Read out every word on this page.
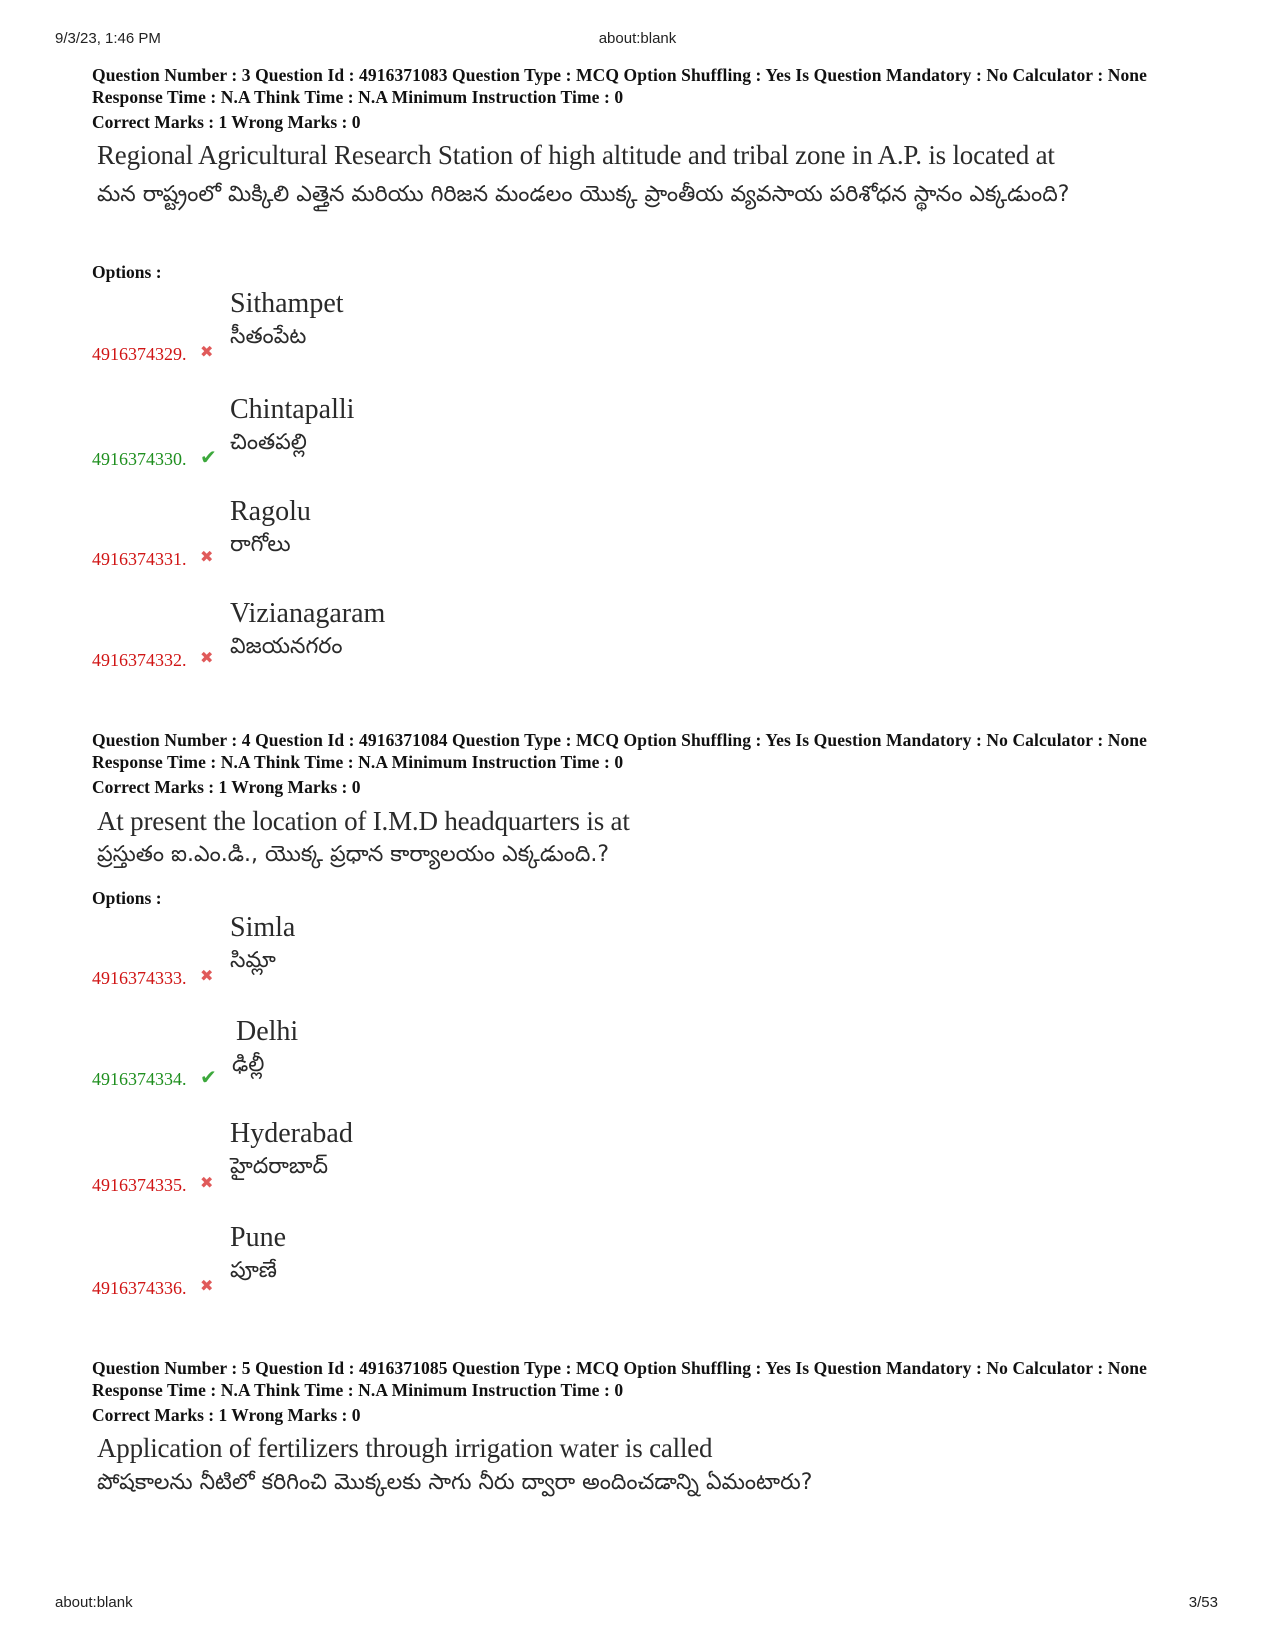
9/3/23, 1:46 PM	about:blank
Question Number : 3 Question Id : 4916371083 Question Type : MCQ Option Shuffling : Yes Is Question Mandatory : No Calculator : None Response Time : N.A Think Time : N.A Minimum Instruction Time : 0
Correct Marks : 1 Wrong Marks : 0
Regional Agricultural Research Station of high altitude and tribal zone in A.P. is located at
మన రాష్ట్రంలో మిక్కిలి ఎత్తైన మరియు గిరిజన మండలం యొక్క ప్రాంతీయ వ్యవసాయ పరిశోధన స్థానం ఎక్కడుంది?
Options :
Sithampet
సీతంపేట
4916374329. ✖
Chintapalli
చింతపల్లి
4916374330. ✔
Ragolu
రాగోలు
4916374331. ✖
Vizianagaram
విజయనగరం
4916374332. ✖
Question Number : 4 Question Id : 4916371084 Question Type : MCQ Option Shuffling : Yes Is Question Mandatory : No Calculator : None Response Time : N.A Think Time : N.A Minimum Instruction Time : 0
Correct Marks : 1 Wrong Marks : 0
At present the location of I.M.D headquarters is at
ప్రస్తుతం ఐ.ఎం.డి., యొక్క ప్రధాన కార్యాలయం ఎక్కడుంది.?
Options :
Simla
సిమ్లా
4916374333. ✖
Delhi
ఢిల్లీ
4916374334. ✔
Hyderabad
హైదరాబాద్
4916374335. ✖
Pune
పూణే
4916374336. ✖
Question Number : 5 Question Id : 4916371085 Question Type : MCQ Option Shuffling : Yes Is Question Mandatory : No Calculator : None Response Time : N.A Think Time : N.A Minimum Instruction Time : 0
Correct Marks : 1 Wrong Marks : 0
Application of fertilizers through irrigation water is called
పోషకాలను నీటిలో కరిగించి మొక్కలకు సాగు నీరు ద్వారా అందించడాన్ని ఏమంటారు?
about:blank	3/53
